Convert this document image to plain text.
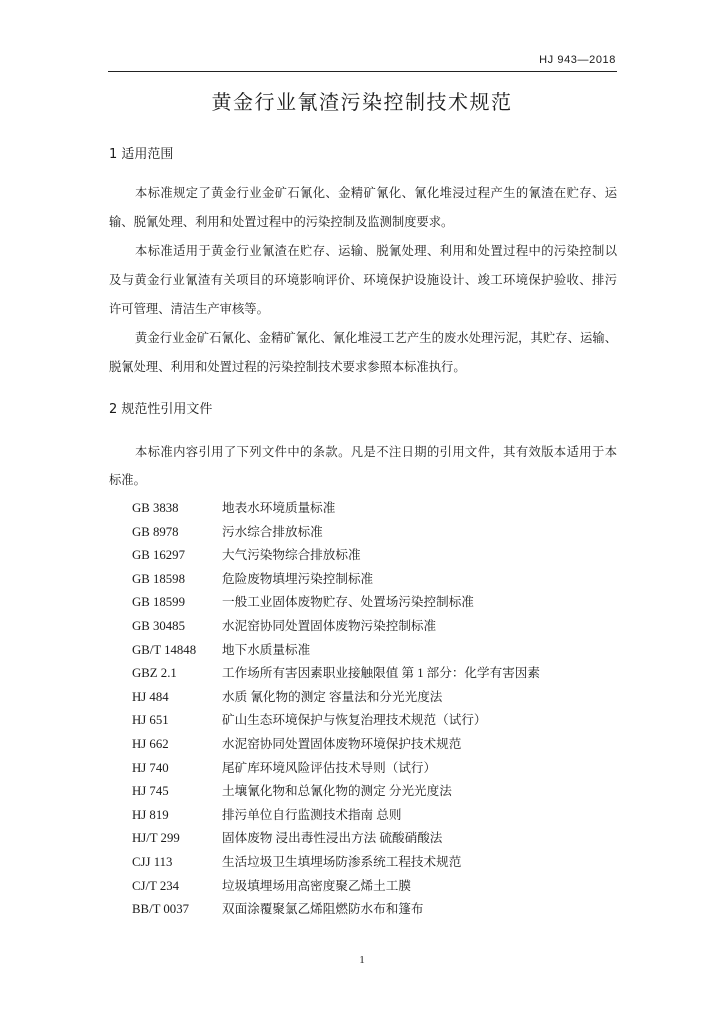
HJ 943—2018
黄金行业氰渣污染控制技术规范
1 适用范围
本标准规定了黄金行业金矿石氰化、金精矿氰化、氰化堆浸过程产生的氰渣在贮存、运
输、脱氰处理、利用和处置过程中的污染控制及监测制度要求。
本标准适用于黄金行业氰渣在贮存、运输、脱氰处理、利用和处置过程中的污染控制以
及与黄金行业氰渣有关项目的环境影响评价、环境保护设施设计、竣工环境保护验收、排污
许可管理、清洁生产审核等。
黄金行业金矿石氰化、金精矿氰化、氰化堆浸工艺产生的废水处理污泥，其贮存、运输、
脱氰处理、利用和处置过程的污染控制技术要求参照本标准执行。
2 规范性引用文件
本标准内容引用了下列文件中的条款。凡是不注日期的引用文件，其有效版本适用于本
标准。
GB 3838	地表水环境质量标准
GB 8978	污水综合排放标准
GB 16297	大气污染物综合排放标准
GB 18598	危险废物填埋污染控制标准
GB 18599	一般工业固体废物贮存、处置场污染控制标准
GB 30485	水泥窑协同处置固体废物污染控制标准
GB/T 14848 地下水质量标准
GBZ 2.1	工作场所有害因素职业接触限值 第 1 部分：化学有害因素
HJ 484	水质 氰化物的测定 容量法和分光光度法
HJ 651	矿山生态环境保护与恢复治理技术规范（试行）
HJ 662	水泥窑协同处置固体废物环境保护技术规范
HJ 740	尾矿库环境风险评估技术导则（试行）
HJ 745	土壤氰化物和总氰化物的测定 分光光度法
HJ 819	排污单位自行监测技术指南 总则
HJ/T 299	固体废物 浸出毒性浸出方法 硫酸硝酸法
CJJ 113	生活垃圾卫生填埋场防渗系统工程技术规范
CJ/T 234	垃圾填埋场用高密度聚乙烯土工膜
BB/T 0037	双面涂覆聚氯乙烯阻燃防水布和篷布
1
